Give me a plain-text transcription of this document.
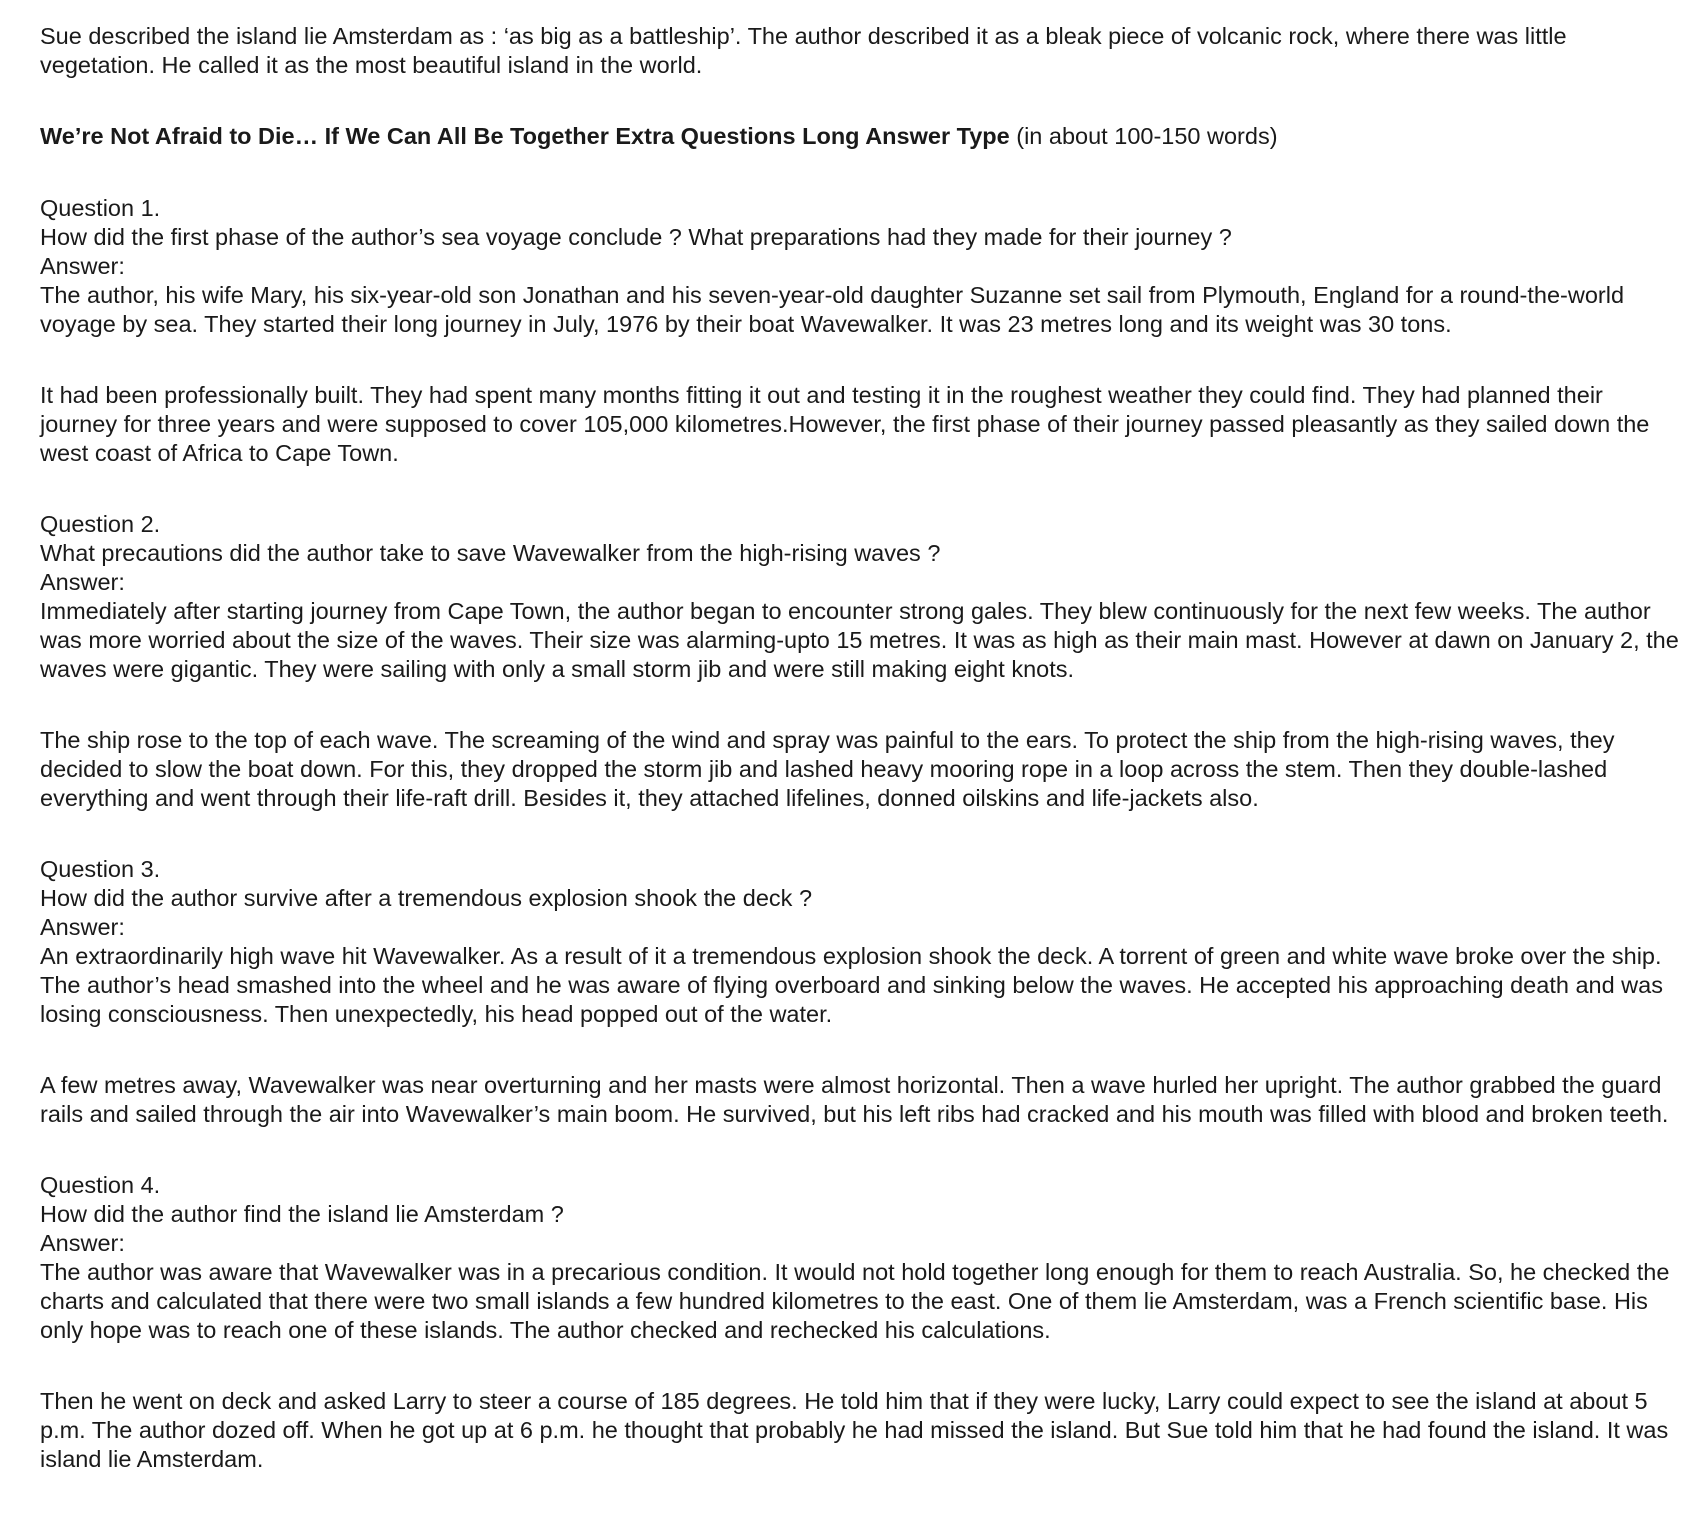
Sue described the island lie Amsterdam as : ‘as big as a battleship’. The author described it as a bleak piece of volcanic rock, where there was little vegetation. He called it as the most beautiful island in the world.

We’re Not Afraid to Die… If We Can All Be Together Extra Questions Long Answer Type (in about 100-150 words)

Question 1.

How did the first phase of the author’s sea voyage conclude ? What preparations had they made for their journey ?

Answer:

The author, his wife Mary, his six-year-old son Jonathan and his seven-year-old daughter Suzanne set sail from Plymouth, England for a round-the-world voyage by sea. They started their long journey in July, 1976 by their boat Wavewalker. It was 23 metres long and its weight was 30 tons.

It had been professionally built. They had spent many months fitting it out and testing it in the roughest weather they could find. They had planned their journey for three years and were supposed to cover 105,000 kilometres.However, the first phase of their journey passed pleasantly as they sailed down the west coast of Africa to Cape Town.

Question 2.

What precautions did the author take to save Wavewalker from the high-rising waves ?

Answer:

Immediately after starting journey from Cape Town, the author began to encounter strong gales. They blew continuously for the next few weeks. The author was more worried about the size of the waves. Their size was alarming-upto 15 metres. It was as high as their main mast. However at dawn on January 2, the waves were gigantic. They were sailing with only a small storm jib and were still making eight knots.

The ship rose to the top of each wave. The screaming of the wind and spray was painful to the ears. To protect the ship from the high-rising waves, they decided to slow the boat down. For this, they dropped the storm jib and lashed heavy mooring rope in a loop across the stem. Then they double-lashed everything and went through their life-raft drill. Besides it, they attached lifelines, donned oilskins and life-jackets also.

Question 3.

How did the author survive after a tremendous explosion shook the deck ?

Answer:

An extraordinarily high wave hit Wavewalker. As a result of it a tremendous explosion shook the deck. A torrent of green and white wave broke over the ship. The author’s head smashed into the wheel and he was aware of flying overboard and sinking below the waves. He accepted his approaching death and was losing consciousness. Then unexpectedly, his head popped out of the water.

A few metres away, Wavewalker was near overturning and her masts were almost horizontal. Then a wave hurled her upright. The author grabbed the guard rails and sailed through the air into Wavewalker’s main boom. He survived, but his left ribs had cracked and his mouth was filled with blood and broken teeth.

Question 4.

How did the author find the island lie Amsterdam ?

Answer:

The author was aware that Wavewalker was in a precarious condition. It would not hold together long enough for them to reach Australia. So, he checked the charts and calculated that there were two small islands a few hundred kilometres to the east. One of them lie Amsterdam, was a French scientific base. His only hope was to reach one of these islands. The author checked and rechecked his calculations.

Then he went on deck and asked Larry to steer a course of 185 degrees. He told him that if they were lucky, Larry could expect to see the island at about 5 p.m. The author dozed off. When he got up at 6 p.m. he thought that probably he had missed the island. But Sue told him that he had found the island. It was island lie Amsterdam.
